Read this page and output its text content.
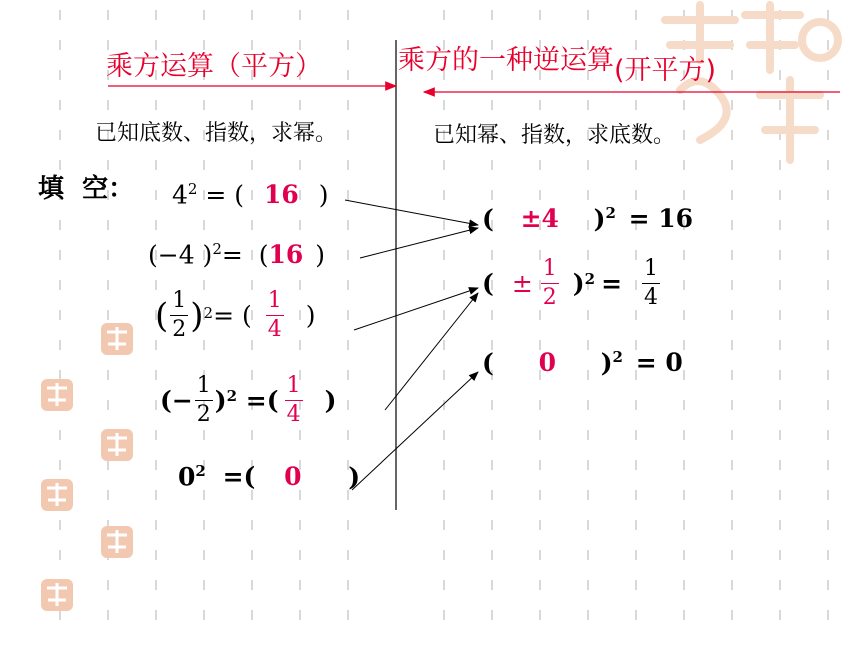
乘方运算（平方）	乘方的一种逆运算(开平方)
已知底数、指数，求幂。	已知幂、指数，求底数。
填  空： $4^2$ = ( 16 )
(−4 )$^2$=  (16 )
( $\frac{1}{2}$ ) 2 = ( $\frac{1}{4}$ )
( − $\frac{1}{2}$ ) 2 =( $\frac{1}{4}$ )
$0^2$ =( 0 )
( ±4 )$^2$ = 16
( ± $\frac{1}{2}$ ) $2 = \frac{1}{4}$
( 0 )$^2$ = 0
